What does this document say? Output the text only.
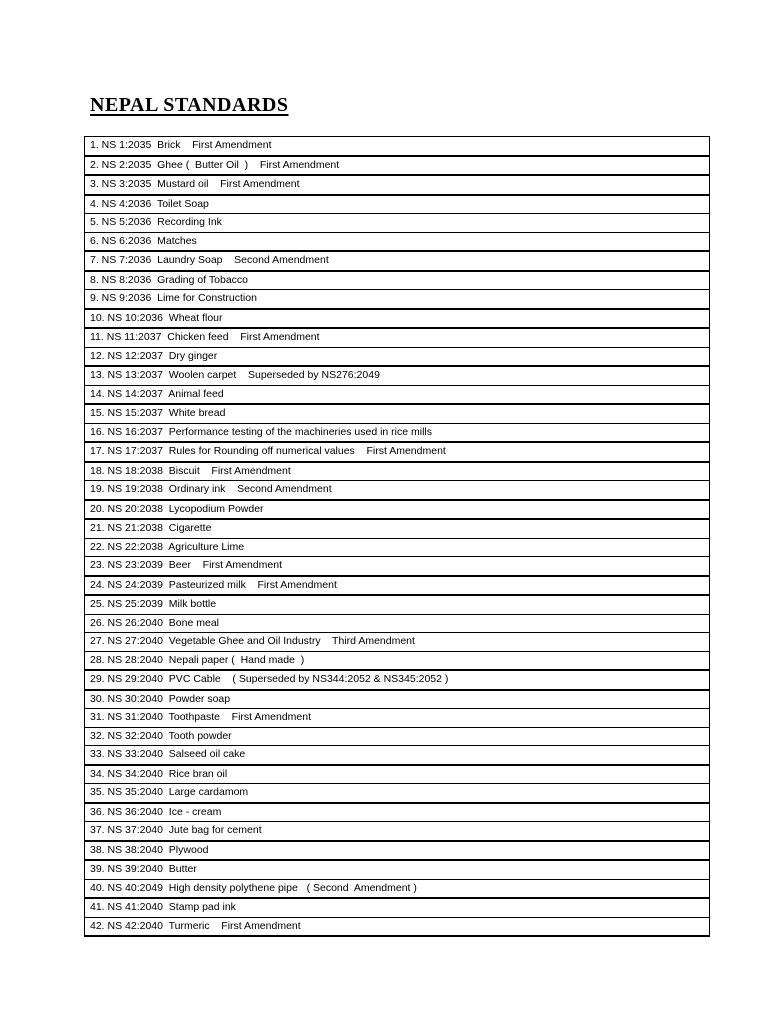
NEPAL STANDARDS
1. NS 1:2035  Brick    First Amendment
2. NS 2:2035  Ghee (  Butter Oil  )    First Amendment
3. NS 3:2035  Mustard oil    First Amendment
4. NS 4:2036  Toilet Soap
5. NS 5:2036  Recording Ink
6. NS 6:2036  Matches
7. NS 7:2036  Laundry Soap    Second Amendment
8. NS 8:2036  Grading of Tobacco
9. NS 9:2036  Lime for Construction
10. NS 10:2036  Wheat flour
11. NS 11:2037  Chicken feed    First Amendment
12. NS 12:2037  Dry ginger
13. NS 13:2037  Woolen carpet    Superseded by NS276:2049
14. NS 14:2037  Animal feed
15. NS 15:2037  White bread
16. NS 16:2037  Performance testing of the machineries used in rice mills
17. NS 17:2037  Rules for Rounding off numerical values    First Amendment
18. NS 18:2038  Biscuit    First Amendment
19. NS 19:2038  Ordinary ink    Second Amendment
20. NS 20:2038  Lycopodium Powder
21. NS 21:2038  Cigarette
22. NS 22:2038  Agriculture Lime
23. NS 23:2039  Beer    First Amendment
24. NS 24:2039  Pasteurized milk    First Amendment
25. NS 25:2039  Milk bottle
26. NS 26:2040  Bone meal
27. NS 27:2040  Vegetable Ghee and Oil Industry    Third Amendment
28. NS 28:2040  Nepali paper (  Hand made  )
29. NS 29:2040  PVC Cable    ( Superseded by NS344:2052 & NS345:2052 )
30. NS 30:2040  Powder soap
31. NS 31:2040  Toothpaste    First Amendment
32. NS 32:2040  Tooth powder
33. NS 33:2040  Salseed oil cake
34. NS 34:2040  Rice bran oil
35. NS 35:2040  Large cardamom
36. NS 36:2040  Ice - cream
37. NS 37:2040  Jute bag for cement
38. NS 38:2040  Plywood
39. NS 39:2040  Butter
40. NS 40:2049  High density polythene pipe   ( Second  Amendment )
41. NS 41:2040  Stamp pad ink
42. NS 42:2040  Turmeric    First Amendment
